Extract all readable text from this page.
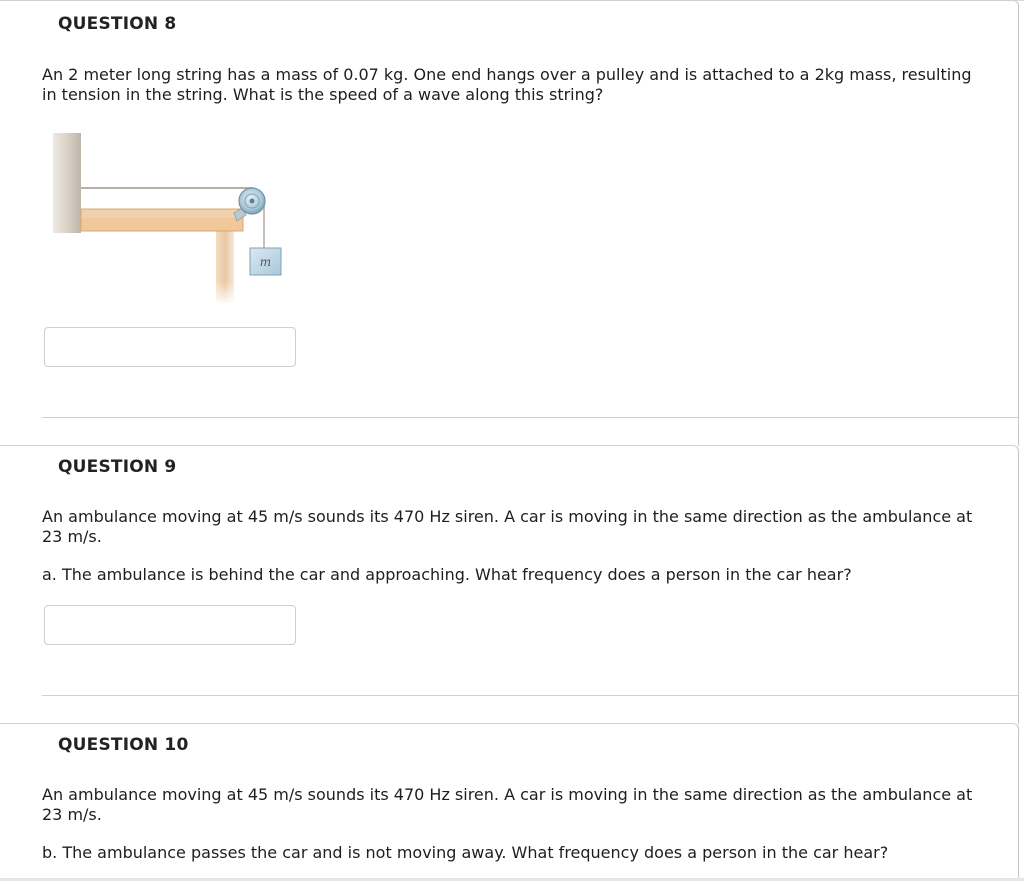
QUESTION 8

An 2 meter long string has a mass of 0.07 kg. One end hangs over a pulley and is attached to a 2kg mass, resulting in tension in the string. What is the speed of a wave along this string?

m
QUESTION 9

An ambulance moving at 45 m/s sounds its 470 Hz siren. A car is moving in the same direction as the ambulance at 23 m/s.

a. The ambulance is behind the car and approaching. What frequency does a person in the car hear?

QUESTION 10

An ambulance moving at 45 m/s sounds its 470 Hz siren. A car is moving in the same direction as the ambulance at 23 m/s.

b. The ambulance passes the car and is not moving away. What frequency does a person in the car hear?
